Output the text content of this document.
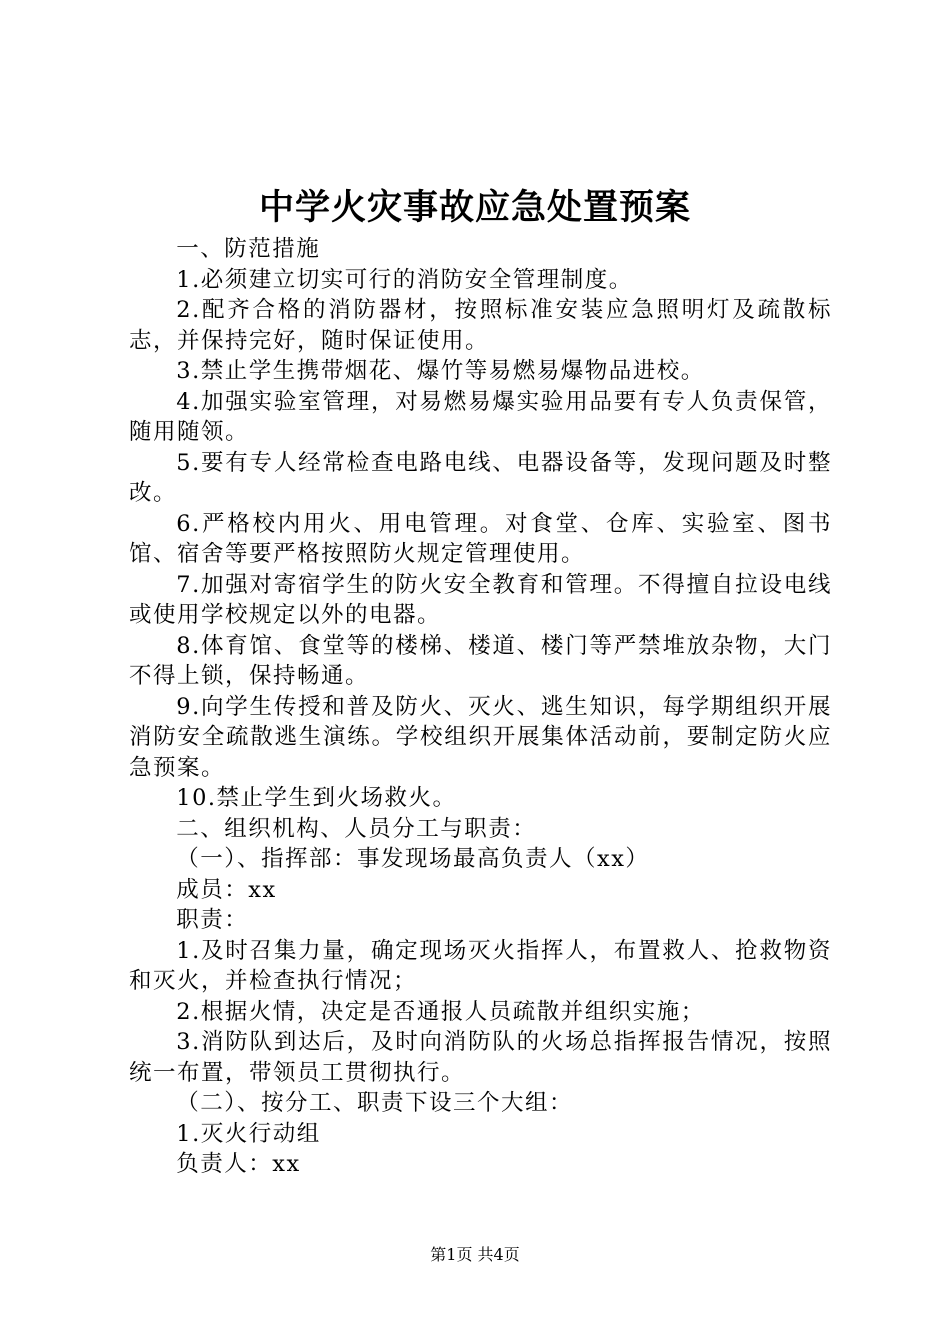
中学火灾事故应急处置预案

一、防范措施

1.必须建立切实可行的消防安全管理制度。

2.配齐合格的消防器材，按照标准安装应急照明灯及疏散标志，并保持完好，随时保证使用。

3.禁止学生携带烟花、爆竹等易燃易爆物品进校。

4.加强实验室管理，对易燃易爆实验用品要有专人负责保管，随用随领。

5.要有专人经常检查电路电线、电器设备等，发现问题及时整改。

6.严格校内用火、用电管理。对食堂、仓库、实验室、图书馆、宿舍等要严格按照防火规定管理使用。

7.加强对寄宿学生的防火安全教育和管理。不得擅自拉设电线或使用学校规定以外的电器。

8.体育馆、食堂等的楼梯、楼道、楼门等严禁堆放杂物，大门不得上锁，保持畅通。

9.向学生传授和普及防火、灭火、逃生知识，每学期组织开展消防安全疏散逃生演练。学校组织开展集体活动前，要制定防火应急预案。

10.禁止学生到火场救火。

二、组织机构、人员分工与职责：

（一）、指挥部：事发现场最高负责人（xx）

成员：xx

职责：

1.及时召集力量，确定现场灭火指挥人，布置救人、抢救物资和灭火，并检查执行情况；

2.根据火情，决定是否通报人员疏散并组织实施；

3.消防队到达后，及时向消防队的火场总指挥报告情况，按照统一布置，带领员工贯彻执行。

（二）、按分工、职责下设三个大组：

1.灭火行动组

负责人：xx

第1页 共4页
